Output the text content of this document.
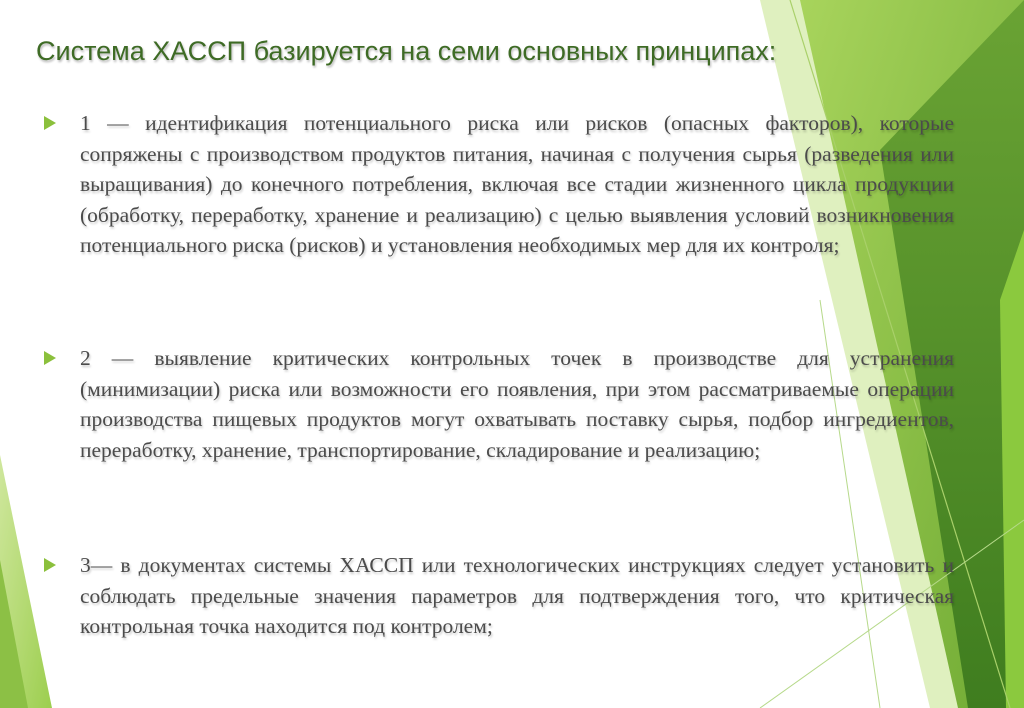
Система ХАССП базируется на семи основных принципах:

1 — идентификация потенциального риска или рисков (опасных факторов), которые сопряжены с производством продуктов питания, начиная с получения сырья (разведения или выращивания) до конечного потребления, включая все стадии жизненного цикла продукции (обработку, переработку, хранение и реализацию) с целью выявления условий возникновения потенциального риска (рисков) и установления необходимых мер для их контроля;

2 — выявление критических контрольных точек в производстве для устранения (минимизации) риска или возможности его появления, при этом рассматриваемые операции производства пищевых продуктов могут охватывать поставку сырья, подбор ингредиентов, переработку, хранение, транспортирование, складирование и реализацию;

3— в документах системы ХАССП или технологических инструкциях следует установить и соблюдать предельные значения параметров для подтверждения того, что критическая контрольная точка находится под контролем;
